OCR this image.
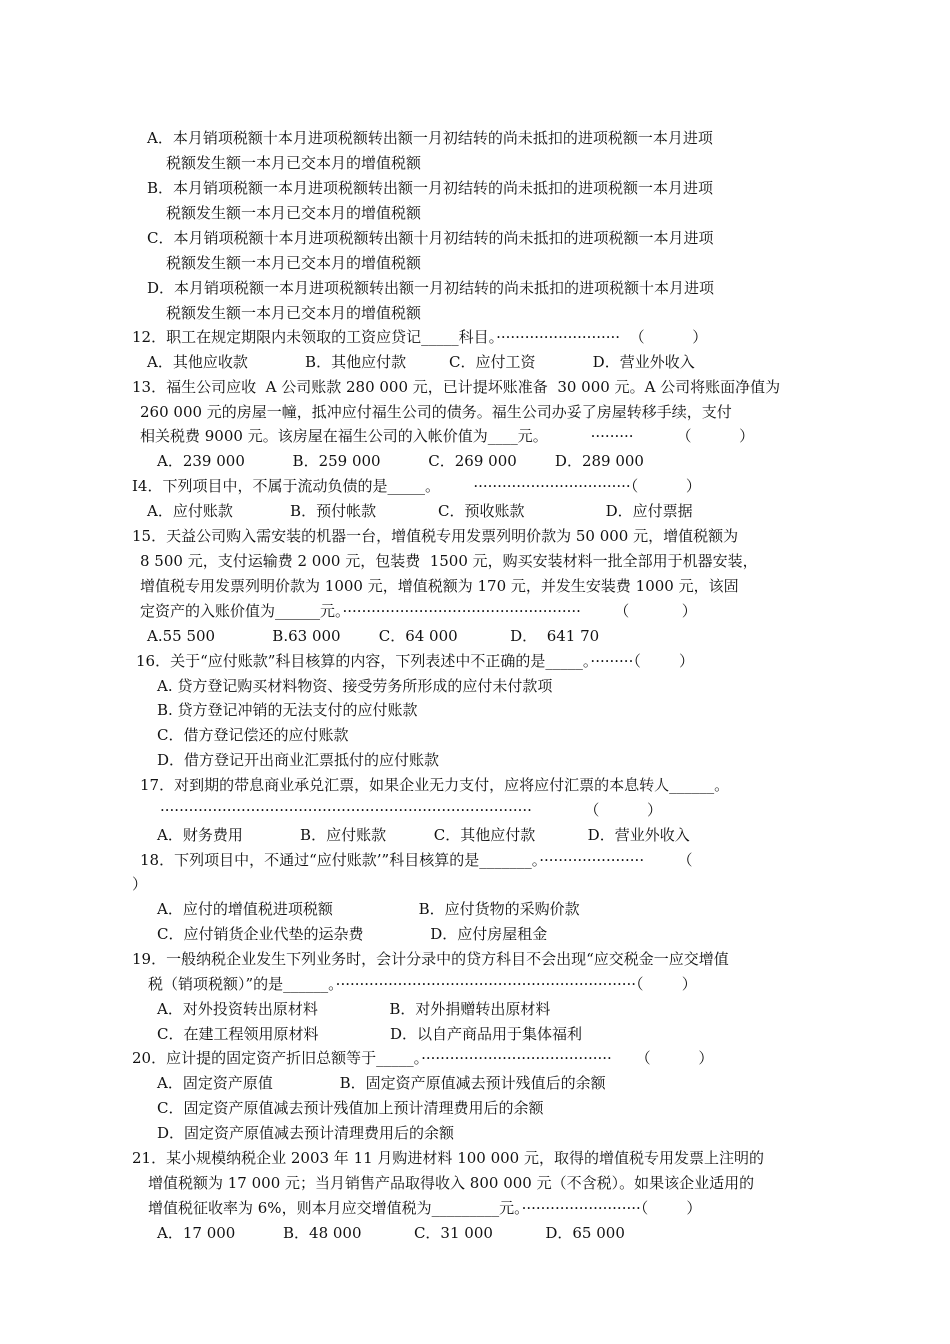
A．本月销项税额十本月进项税额转出额一月初结转的尚未抵扣的进项税额一本月进项
税额发生额一本月已交本月的增值税额
B．本月销项税额一本月进项税额转出额一月初结转的尚未抵扣的进项税额一本月进项
税额发生额一本月已交本月的增值税额
C．本月销项税额十本月进项税额转出额十月初结转的尚未抵扣的进项税额一本月进项
税额发生额一本月已交本月的增值税额
D．本月销项税额一本月进项税额转出额一月初结转的尚未抵扣的进项税额十本月进项
税额发生额一本月已交本月的增值税额
12．职工在规定期限内未领取的工资应贷记_____科目。··························  （          ）
A．其他应收款            B．其他应付款         C．应付工资            D．营业外收入
13．福生公司应收  A 公司账款 280 000 元，已计提坏账准备  30 000 元。A 公司将账面净值为
260 000 元的房屋一幢，抵冲应付福生公司的债务。福生公司办妥了房屋转移手续，支付
相关税费 9000 元。该房屋在福生公司的入帐价值为____元。         ·········         （          ）
A．239 000          B．259 000          C．269 000        D．289 000
I4．下列项目中，不属于流动负债的是_____。       ·································（          ）
A．应付账款            B．预付帐款             C．预收账款                 D．应付票据
15．天益公司购入需安装的机器一台，增值税专用发票列明价款为 50 000 元，增值税额为
8 500 元，支付运输费 2 000 元，包装费  1500 元，购买安装材料一批全部用于机器安装，
增值税专用发票列明价款为 1000 元，增值税额为 170 元，并发生安装费 1000 元，该固
定资产的入账价值为______元。··················································       （           ）
A.55 500            B.63 000        C．64 000           D．  641 70
16．关于“应付账款”科目核算的内容，下列表述中不正确的是_____。·········（        ）
A. 贷方登记购买材料物资、接受劳务所形成的应付未付款项
B. 贷方登记冲销的无法支付的应付账款
C．借方登记偿还的应付账款
D．借方登记开出商业汇票抵付的应付账款
17．对到期的带息商业承兑汇票，如果企业无力支付，应将应付汇票的本息转人______。
··············································································           （          ）
A．财务费用            B．应付账款          C．其他应付款           D．营业外收入
18．下列项目中，不通过“应付账款’”科目核算的是_______。······················       （
）
A．应付的增值税进项税额                  B．应付货物的采购价款
C．应付销货企业代垫的运杂费              D．应付房屋租金
19．一般纳税企业发生下列业务时，会计分录中的贷方科目不会出现“应交税金一应交增值
税（销项税额）”的是______。·······························································（        ）
A．对外投资转出原材料               B．对外捐赠转出原材料
C．在建工程领用原材料               D．以自产商品用于集体福利
20．应计提的固定资产折旧总额等于_____。········································     （          ）
A．固定资产原值              B．固定资产原值减去预计残值后的余额
C．固定资产原值减去预计残值加上预计清理费用后的余额
D．固定资产原值减去预计清理费用后的余额
21．某小规模纳税企业 2003 年 11 月购进材料 100 000 元，取得的增值税专用发票上注明的
增值税额为 17 000 元；当月销售产品取得收入 800 000 元（不含税）。如果该企业适用的
增值税征收率为 6%，则本月应交增值税为_________元。·························（        ）
A．17 000          B．48 000           C．31 000           D．65 000
